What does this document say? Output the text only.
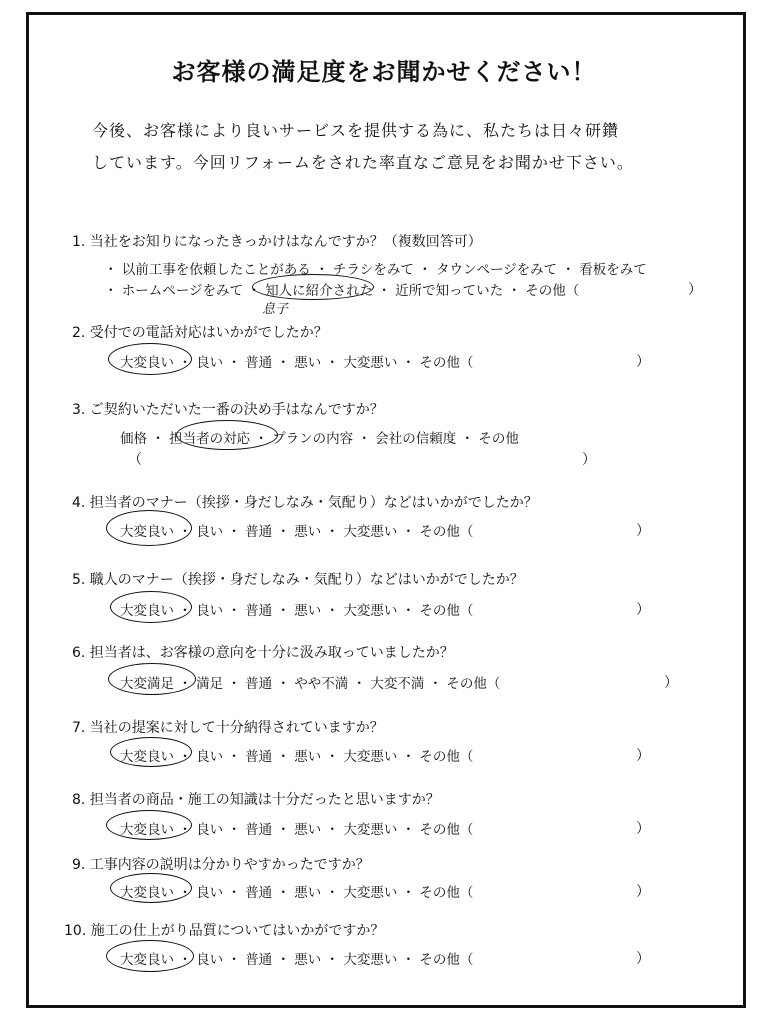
お客様の満足度をお聞かせください！
今後、お客様により良いサービスを提供する為に、私たちは日々研鑽
しています。今回リフォームをされた率直なご意見をお聞かせ下さい。
1. 当社をお知りになったきっかけはなんですか？（複数回答可）
・ 以前工事を依頼したことがある ・ チラシをみて ・ タウンページをみて ・ 看板をみて
・ ホームページをみて ・ 知人に紹介された ・ 近所で知っていた ・ その他（	）
息子
2. 受付での電話対応はいかがでしたか？
大変良い ・ 良い ・ 普通 ・ 悪い ・ 大変悪い ・ その他（	）
3. ご契約いただいた一番の決め手はなんですか？
価格 ・ 担当者の対応 ・ プランの内容 ・ 会社の信頼度 ・ その他
（	）
4. 担当者のマナー（挨拶・身だしなみ・気配り）などはいかがでしたか？
大変良い ・ 良い ・ 普通 ・ 悪い ・ 大変悪い ・ その他（	）
5. 職人のマナー（挨拶・身だしなみ・気配り）などはいかがでしたか？
大変良い ・ 良い ・ 普通 ・ 悪い ・ 大変悪い ・ その他（	）
6. 担当者は、お客様の意向を十分に汲み取っていましたか？
大変満足 ・ 満足 ・ 普通 ・ やや不満 ・ 大変不満 ・ その他（	）
7. 当社の提案に対して十分納得されていますか？
大変良い ・ 良い ・ 普通 ・ 悪い ・ 大変悪い ・ その他（	）
8. 担当者の商品・施工の知識は十分だったと思いますか？
大変良い ・ 良い ・ 普通 ・ 悪い ・ 大変悪い ・ その他（	）
9. 工事内容の説明は分かりやすかったですか？
大変良い ・ 良い ・ 普通 ・ 悪い ・ 大変悪い ・ その他（	）
10. 施工の仕上がり品質についてはいかがですか？
大変良い ・ 良い ・ 普通 ・ 悪い ・ 大変悪い ・ その他（	）
